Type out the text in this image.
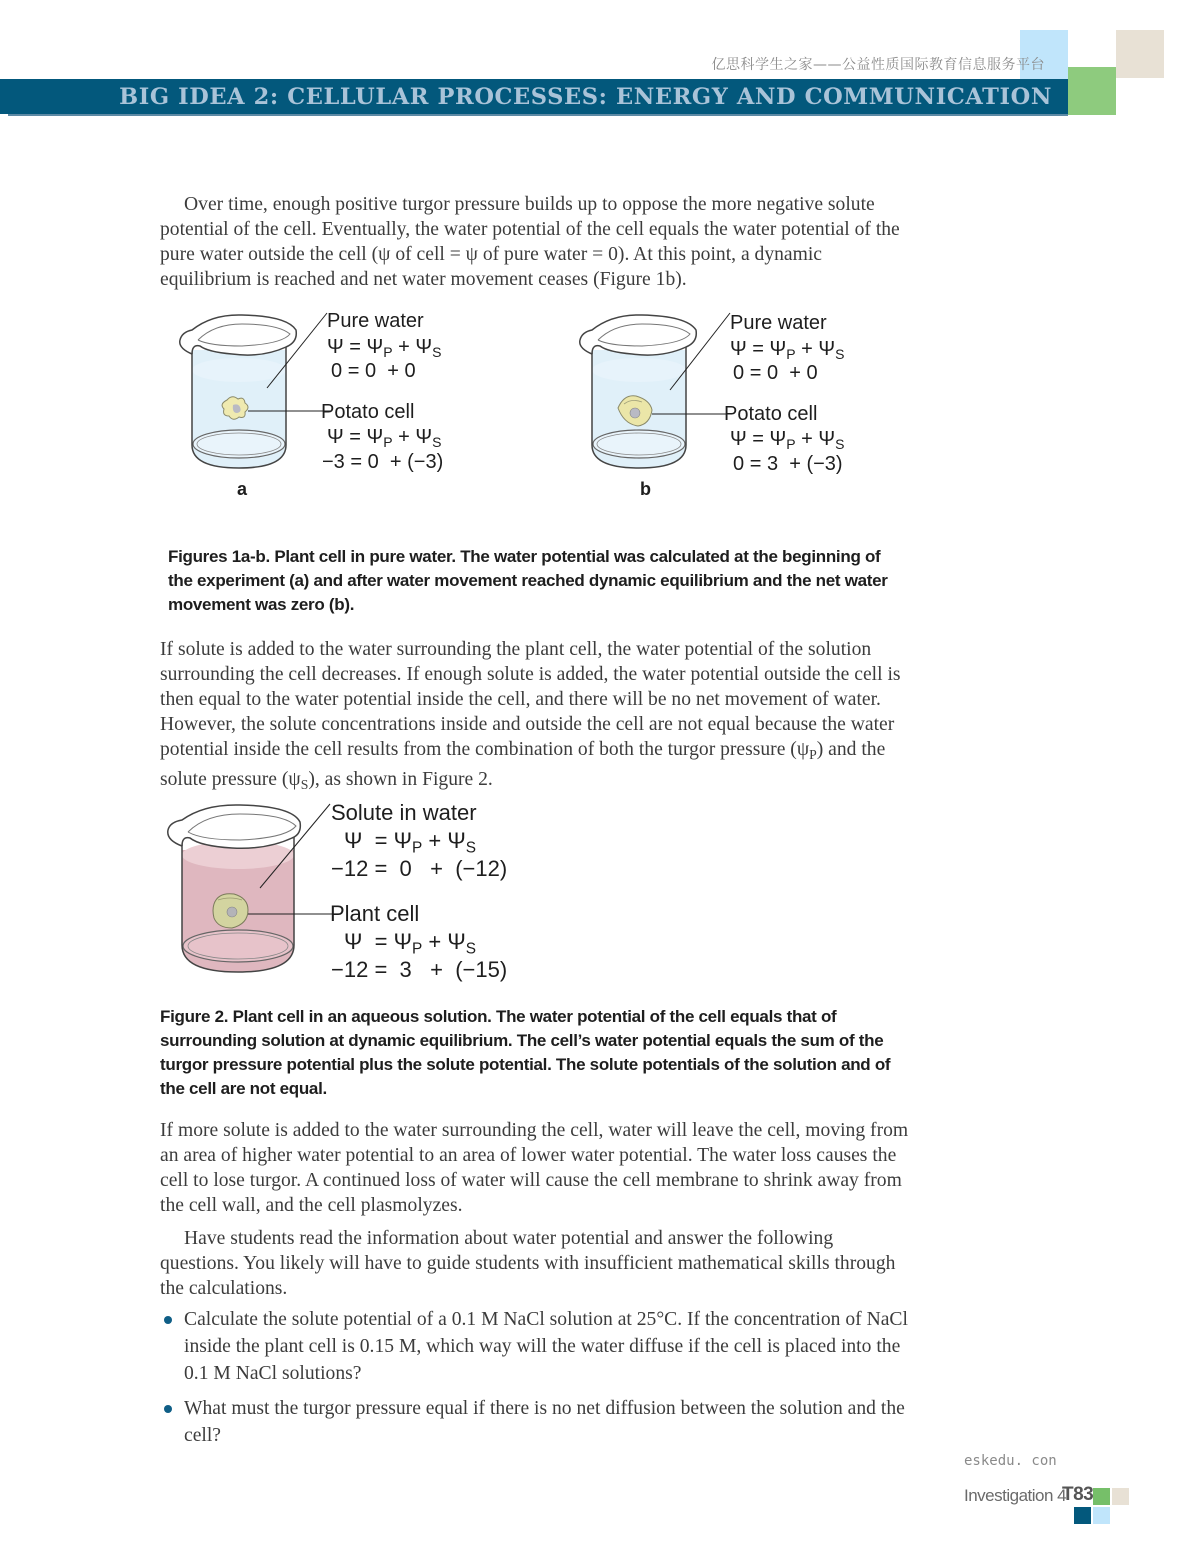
亿思科学生之家——公益性质国际教育信息服务平台
BIG IDEA 2: CELLULAR PROCESSES: ENERGY AND COMMUNICATION

Over time, enough positive turgor pressure builds up to oppose the more negative solute potential of the cell. Eventually, the water potential of the cell equals the water potential of the pure water outside the cell (ψ of cell = ψ of pure water = 0). At this point, a dynamic equilibrium is reached and net water movement ceases (Figure 1b).

Pure water
$\Psi = \Psi_P + \Psi_S$
0 = 0 + 0
Potato cell
$\Psi = \Psi_P + \Psi_S$
−3 = 0 + (−3)
a
Pure water
$\Psi = \Psi_P + \Psi_S$
0 = 0 + 0
Potato cell
$\Psi = \Psi_P + \Psi_S$
0 = 3 + (−3)
b
Figures 1a-b. Plant cell in pure water. The water potential was calculated at the beginning of the experiment (a) and after water movement reached dynamic equilibrium and the net water movement was zero (b).

If solute is added to the water surrounding the plant cell, the water potential of the solution surrounding the cell decreases. If enough solute is added, the water potential outside the cell is then equal to the water potential inside the cell, and there will be no net movement of water. However, the solute concentrations inside and outside the cell are not equal because the water potential inside the cell results from the combination of both the turgor pressure $(\psi_P)$ and the solute pressure $(\psi_S)$, as shown in Figure 2.

Solute in water
$\Psi = \Psi_P + \Psi_S$
−12 = 0 + (−12)
Plant cell
$\Psi = \Psi_P + \Psi_S$
−12 = 3 + (−15)
Figure 2. Plant cell in an aqueous solution. The water potential of the cell equals that of surrounding solution at dynamic equilibrium. The cell’s water potential equals the sum of the turgor pressure potential plus the solute potential. The solute potentials of the solution and of the cell are not equal.

If more solute is added to the water surrounding the cell, water will leave the cell, moving from an area of higher water potential to an area of lower water potential. The water loss causes the cell to lose turgor. A continued loss of water will cause the cell membrane to shrink away from the cell wall, and the cell plasmolyzes.

Have students read the information about water potential and answer the following questions. You likely will have to guide students with insufficient mathematical skills through the calculations.

Calculate the solute potential of a 0.1 M NaCl solution at 25°C. If the concentration of NaCl inside the plant cell is 0.15 M, which way will the water diffuse if the cell is placed into the 0.1 M NaCl solutions?
What must the turgor pressure equal if there is no net diffusion between the solution and the cell?
eskedu. con
Investigation 4
T83
